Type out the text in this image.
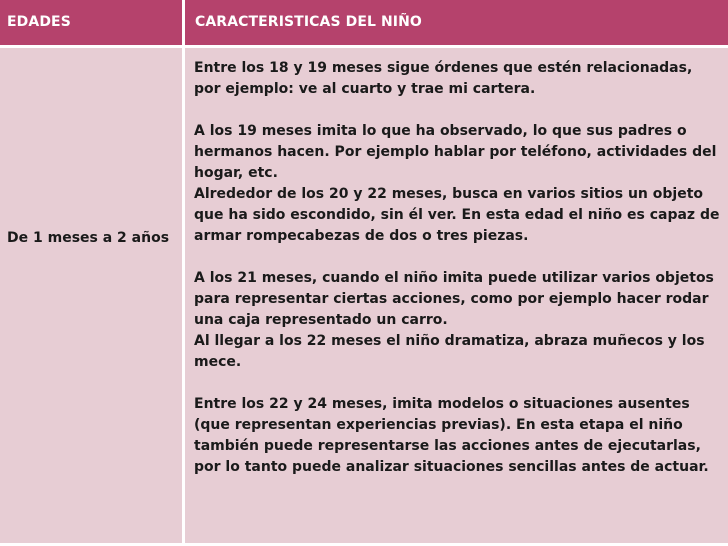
EDADES	CARACTERISTICAS DEL NIÑO
De 1 meses a 2 años

Entre los 18 y 19 meses sigue órdenes que estén relacionadas, por ejemplo: ve al cuarto y trae mi cartera.

A los 19 meses imita lo que ha observado, lo que sus padres o hermanos hacen. Por ejemplo hablar por teléfono, actividades del hogar, etc.

Alrededor de los 20 y 22 meses, busca en varios sitios un objeto que ha sido escondido, sin él ver. En esta edad el niño es capaz de armar rompecabezas de dos o tres piezas.

A los 21 meses, cuando el niño imita puede utilizar varios objetos para representar ciertas acciones, como por ejemplo hacer rodar una caja representado un carro.

Al llegar a los 22 meses el niño dramatiza, abraza muñecos y los mece.

Entre los 22 y 24 meses, imita modelos o situaciones ausentes (que representan experiencias previas). En esta etapa el niño también puede representarse las acciones antes de ejecutarlas, por lo tanto puede analizar situaciones sencillas antes de actuar.
